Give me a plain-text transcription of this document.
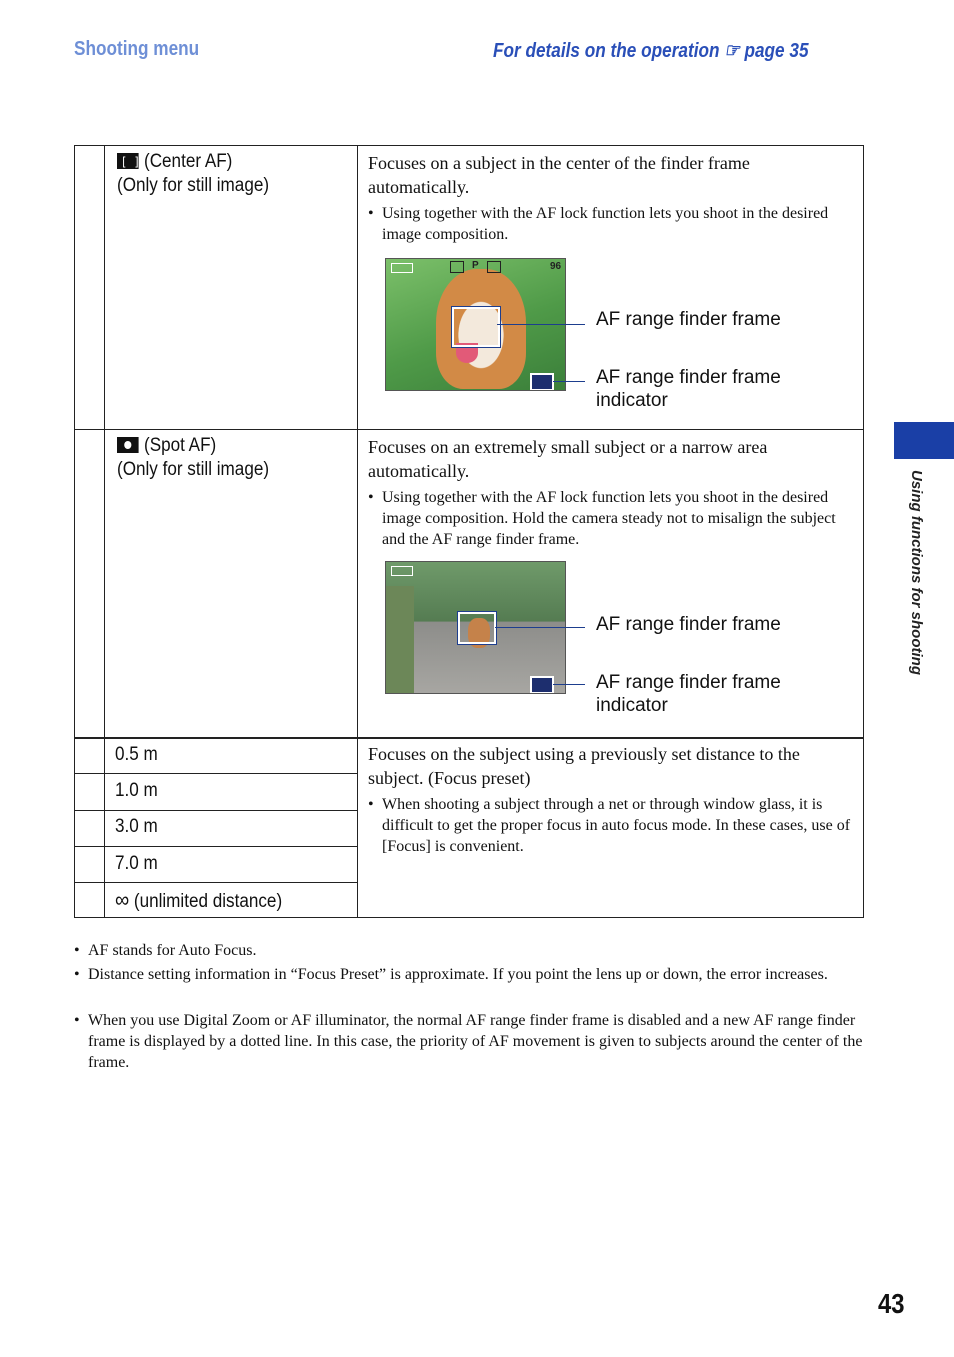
Shooting menu	For details on the operation ☞ page 35
Using functions for shooting
[ ](Center AF)
(Only for still image)
Focuses on a subject in the center of the finder frame automatically.
• Using together with the AF lock function lets you shoot in the desired image composition.
P	96
AF range finder frame
AF range finder frame
indicator
(Spot AF)
(Only for still image)
Focuses on an extremely small subject or a narrow area automatically.
• Using together with the AF lock function lets you shoot in the desired image composition. Hold the camera steady not to misalign the subject and the AF range finder frame.
AF range finder frame
AF range finder frame
indicator
0.5 m
1.0 m
3.0 m
7.0 m
∞ (unlimited distance)
Focuses on the subject using a previously set distance to the subject. (Focus preset)
• When shooting a subject through a net or through window glass, it is difficult to get the proper focus in auto focus mode. In these cases, use of [Focus] is convenient.
• AF stands for Auto Focus.
• Distance setting information in “Focus Preset” is approximate. If you point the lens up or down, the error increases.
• When you use Digital Zoom or AF illuminator, the normal AF range finder frame is disabled and a new AF range finder frame is displayed by a dotted line. In this case, the priority of AF movement is given to subjects around the center of the frame.
43
